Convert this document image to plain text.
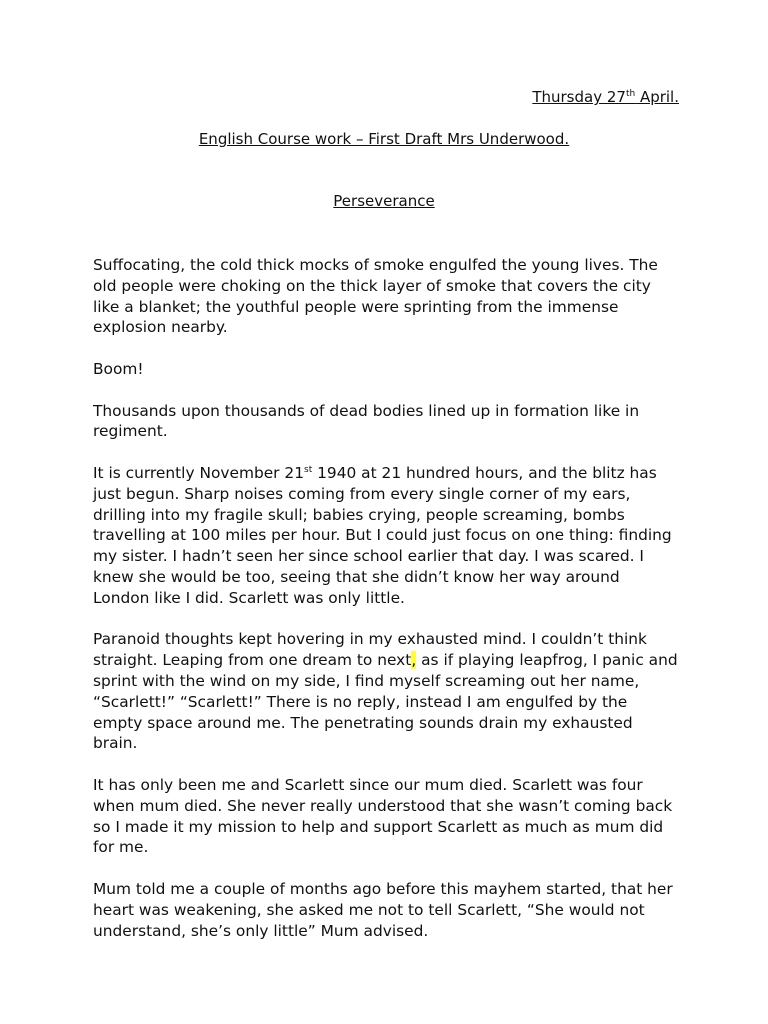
Thursday 27th April.
English Course work – First Draft Mrs Underwood.
Perseverance

Suffocating, the cold thick mocks of smoke engulfed the young lives. The old people were choking on the thick layer of smoke that covers the city like a blanket; the youthful people were sprinting from the immense explosion nearby.

Boom!

Thousands upon thousands of dead bodies lined up in formation like in regiment.

It is currently November 21st 1940 at 21 hundred hours, and the blitz has just begun. Sharp noises coming from every single corner of my ears, drilling into my fragile skull; babies crying, people screaming, bombs travelling at 100 miles per hour. But I could just focus on one thing: finding my sister. I hadn’t seen her since school earlier that day. I was scared. I knew she would be too, seeing that she didn’t know her way around London like I did. Scarlett was only little.

Paranoid thoughts kept hovering in my exhausted mind. I couldn’t think straight. Leaping from one dream to next, as if playing leapfrog, I panic and sprint with the wind on my side, I find myself screaming out her name, “Scarlett!” “Scarlett!” There is no reply, instead I am engulfed by the empty space around me. The penetrating sounds drain my exhausted brain.

It has only been me and Scarlett since our mum died. Scarlett was four when mum died. She never really understood that she wasn’t coming back so I made it my mission to help and support Scarlett as much as mum did for me.

Mum told me a couple of months ago before this mayhem started, that her heart was weakening, she asked me not to tell Scarlett, “She would not understand, she’s only little” Mum advised.
